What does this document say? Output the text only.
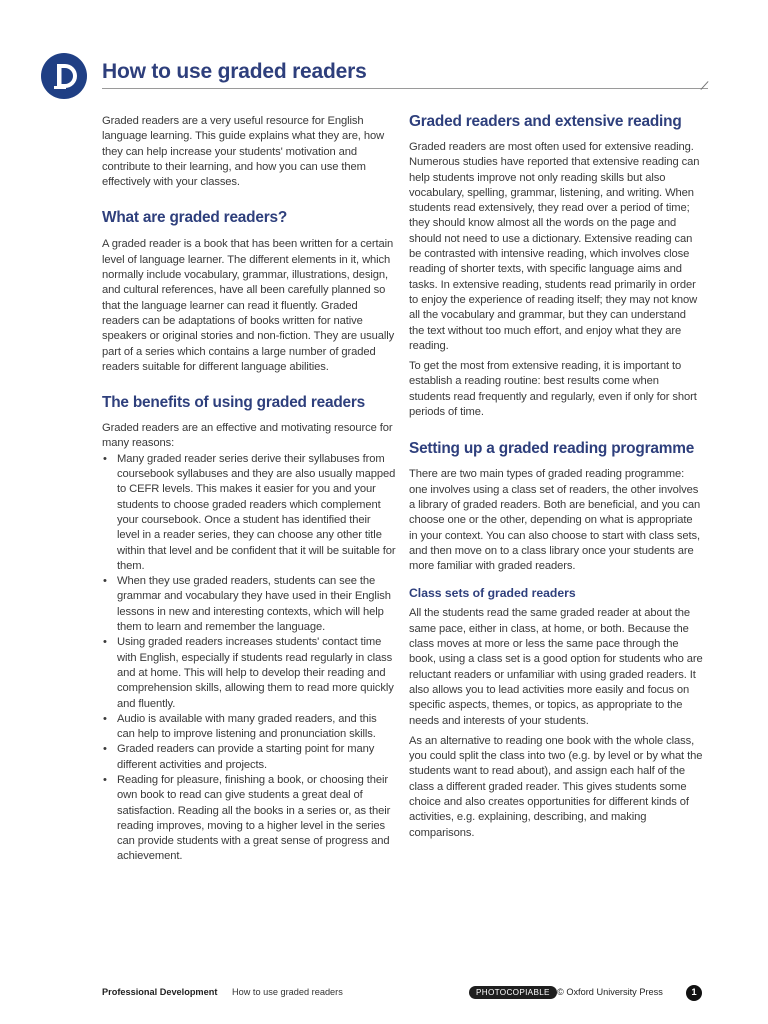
How to use graded readers

Graded readers are a very useful resource for English language learning. This guide explains what they are, how they can help increase your students' motivation and contribute to their learning, and how you can use them effectively with your classes.

What are graded readers?

A graded reader is a book that has been written for a certain level of language learner. The different elements in it, which normally include vocabulary, grammar, illustrations, design, and cultural references, have all been carefully planned so that the language learner can read it fluently. Graded readers can be adaptations of books written for native speakers or original stories and non-fiction. They are usually part of a series which contains a large number of graded readers suitable for different language abilities.

The benefits of using graded readers

Graded readers are an effective and motivating resource for many reasons:

• Many graded reader series derive their syllabuses from coursebook syllabuses and they are also usually mapped to CEFR levels. This makes it easier for you and your students to choose graded readers which complement your coursebook. Once a student has identified their level in a reader series, they can choose any other title within that level and be confident that it will be suitable for them.
• When they use graded readers, students can see the grammar and vocabulary they have used in their English lessons in new and interesting contexts, which will help them to learn and remember the language.
• Using graded readers increases students' contact time with English, especially if students read regularly in class and at home. This will help to develop their reading and comprehension skills, allowing them to read more quickly and fluently.
• Audio is available with many graded readers, and this can help to improve listening and pronunciation skills.
• Graded readers can provide a starting point for many different activities and projects.
• Reading for pleasure, finishing a book, or choosing their own book to read can give students a great deal of satisfaction. Reading all the books in a series or, as their reading improves, moving to a higher level in the series can provide students with a great sense of progress and achievement.
Graded readers and extensive reading

Graded readers are most often used for extensive reading. Numerous studies have reported that extensive reading can help students improve not only reading skills but also vocabulary, spelling, grammar, listening, and writing. When students read extensively, they read over a period of time; they should know almost all the words on the page and should not need to use a dictionary. Extensive reading can be contrasted with intensive reading, which involves close reading of shorter texts, with specific language aims and tasks. In extensive reading, students read primarily in order to enjoy the experience of reading itself; they may not know all the vocabulary and grammar, but they can understand the text without too much effort, and enjoy what they are reading.

To get the most from extensive reading, it is important to establish a reading routine: best results come when students read frequently and regularly, even if only for short periods of time.

Setting up a graded reading programme

There are two main types of graded reading programme: one involves using a class set of readers, the other involves a library of graded readers. Both are beneficial, and you can choose one or the other, depending on what is appropriate in your context. You can also choose to start with class sets, and then move on to a class library once your students are more familiar with graded readers.

Class sets of graded readers

All the students read the same graded reader at about the same pace, either in class, at home, or both. Because the class moves at more or less the same pace through the book, using a class set is a good option for students who are reluctant readers or unfamiliar with using graded readers. It also allows you to lead activities more easily and focus on specific aspects, themes, or topics, as appropriate to the needs and interests of your students.

As an alternative to reading one book with the whole class, you could split the class into two (e.g. by level or by what the students want to read about), and assign each half of the class a different graded reader. This gives students some choice and also creates opportunities for different kinds of activities, e.g. explaining, describing, and making comparisons.

Professional Development How to use graded readers	PHOTOCOPIABLE © Oxford University Press	1
